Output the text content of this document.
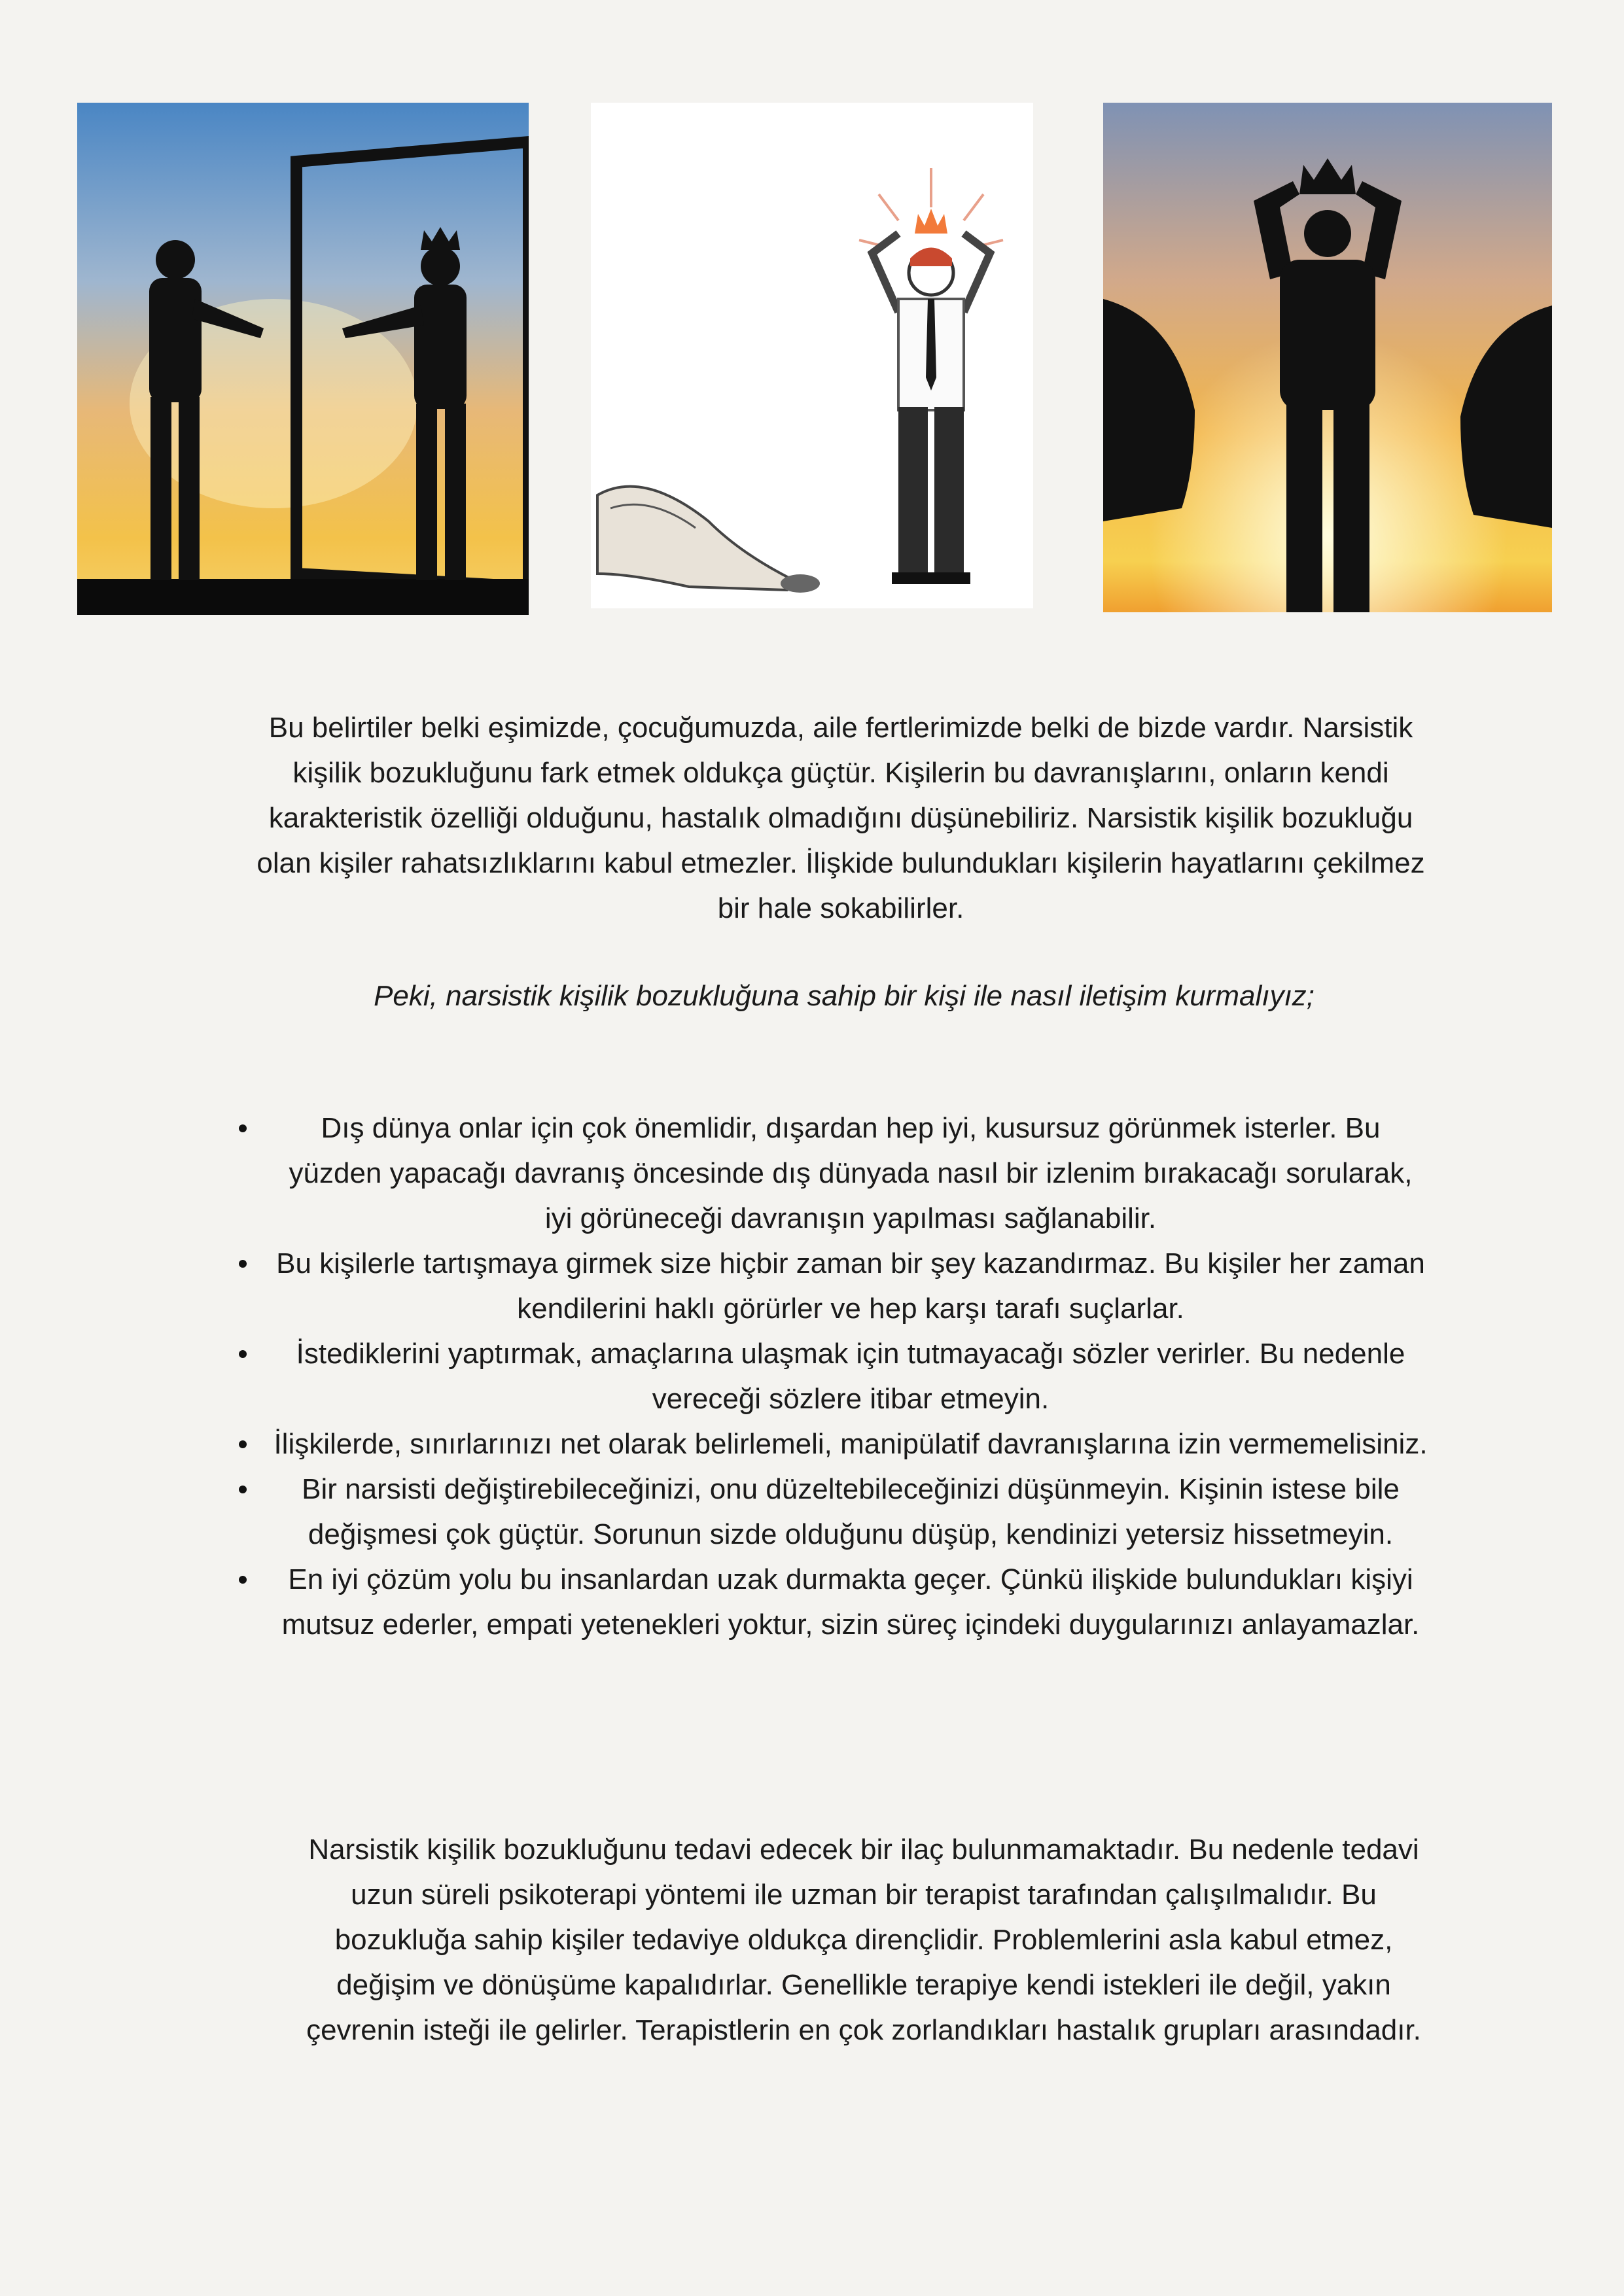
Bu belirtiler belki eşimizde, çocuğumuzda, aile fertlerimizde belki de bizde vardır. Narsistik kişilik bozukluğunu fark etmek oldukça güçtür. Kişilerin bu davranışlarını, onların kendi karakteristik özelliği olduğunu, hastalık olmadığını düşünebiliriz. Narsistik kişilik bozukluğu olan kişiler rahatsızlıklarını kabul etmezler. İlişkide bulundukları kişilerin hayatlarını çekilmez bir hale sokabilirler.

Peki, narsistik kişilik bozukluğuna sahip bir kişi ile nasıl iletişim kurmalıyız;

Dış dünya onlar için çok önemlidir, dışardan hep iyi, kusursuz görünmek isterler. Bu yüzden yapacağı davranış öncesinde dış dünyada nasıl bir izlenim bırakacağı sorularak, iyi görüneceği davranışın yapılması sağlanabilir.
Bu kişilerle tartışmaya girmek size hiçbir zaman bir şey kazandırmaz. Bu kişiler her zaman kendilerini haklı görürler ve hep karşı tarafı suçlarlar.
İstediklerini yaptırmak, amaçlarına ulaşmak için tutmayacağı sözler verirler. Bu nedenle vereceği sözlere itibar etmeyin.
İlişkilerde, sınırlarınızı net olarak belirlemeli, manipülatif davranışlarına izin vermemelisiniz.
Bir narsisti değiştirebileceğinizi, onu düzeltebileceğinizi düşünmeyin. Kişinin istese bile değişmesi çok güçtür. Sorunun sizde olduğunu düşüp, kendinizi yetersiz hissetmeyin.
En iyi çözüm yolu bu insanlardan uzak durmakta geçer. Çünkü ilişkide bulundukları kişiyi mutsuz ederler, empati yetenekleri yoktur, sizin süreç içindeki duygularınızı anlayamazlar.

Narsistik kişilik bozukluğunu tedavi edecek bir ilaç bulunmamaktadır. Bu nedenle tedavi uzun süreli psikoterapi yöntemi ile uzman bir terapist tarafından çalışılmalıdır. Bu bozukluğa sahip kişiler tedaviye oldukça dirençlidir. Problemlerini asla kabul etmez, değişim ve dönüşüme kapalıdırlar. Genellikle terapiye kendi istekleri ile değil, yakın çevrenin isteği ile gelirler. Terapistlerin en çok zorlandıkları hastalık grupları arasındadır.
